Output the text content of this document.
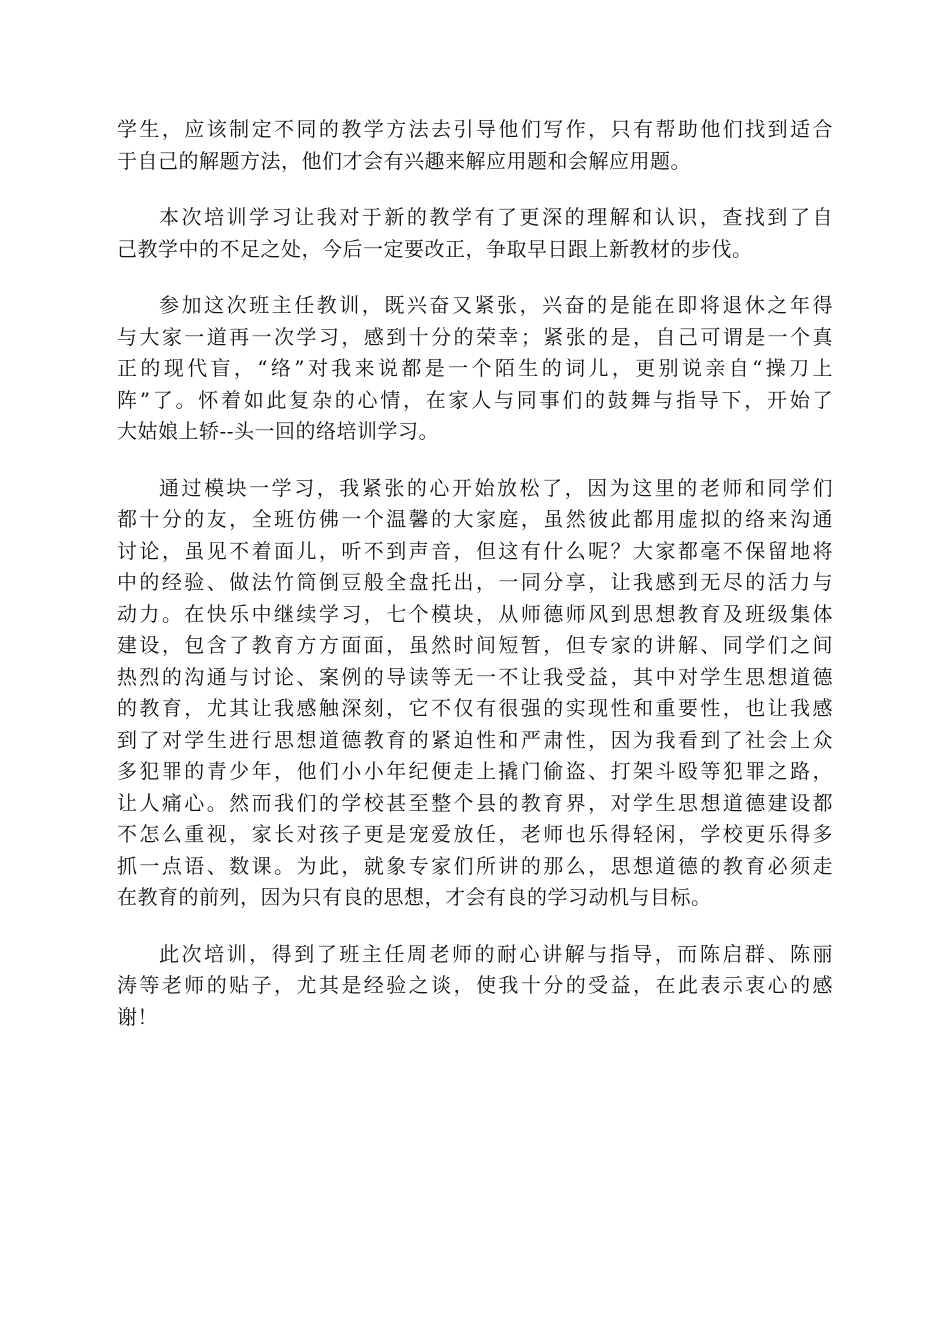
学生，应该制定不同的教学方法去引导他们写作，只有帮助他们找到适合
于自己的解题方法，他们才会有兴趣来解应用题和会解应用题。

本次培训学习让我对于新的教学有了更深的理解和认识，查找到了自
己教学中的不足之处，今后一定要改正，争取早日跟上新教材的步伐。

参加这次班主任教训，既兴奋又紧张，兴奋的是能在即将退休之年得
与大家一道再一次学习，感到十分的荣幸；紧张的是，自己可谓是一个真
正的现代盲，“络”对我来说都是一个陌生的词儿，更别说亲自“操刀上
阵”了。怀着如此复杂的心情，在家人与同事们的鼓舞与指导下，开始了
大姑娘上轿--头一回的络培训学习。

通过模块一学习，我紧张的心开始放松了，因为这里的老师和同学们
都十分的友，全班仿佛一个温馨的大家庭，虽然彼此都用虚拟的络来沟通
讨论，虽见不着面儿，听不到声音，但这有什么呢？大家都毫不保留地将
中的经验、做法竹筒倒豆般全盘托出，一同分享，让我感到无尽的活力与
动力。在快乐中继续学习，七个模块，从师德师风到思想教育及班级集体
建设，包含了教育方方面面，虽然时间短暂，但专家的讲解、同学们之间
热烈的沟通与讨论、案例的导读等无一不让我受益，其中对学生思想道德
的教育，尤其让我感触深刻，它不仅有很强的实现性和重要性，也让我感
到了对学生进行思想道德教育的紧迫性和严肃性，因为我看到了社会上众
多犯罪的青少年，他们小小年纪便走上撬门偷盗、打架斗殴等犯罪之路，
让人痛心。然而我们的学校甚至整个县的教育界，对学生思想道德建设都
不怎么重视，家长对孩子更是宠爱放任，老师也乐得轻闲，学校更乐得多
抓一点语、数课。为此，就象专家们所讲的那么，思想道德的教育必须走
在教育的前列，因为只有良的思想，才会有良的学习动机与目标。

此次培训，得到了班主任周老师的耐心讲解与指导，而陈启群、陈丽
涛等老师的贴子，尤其是经验之谈，使我十分的受益，在此表示衷心的感
谢！
